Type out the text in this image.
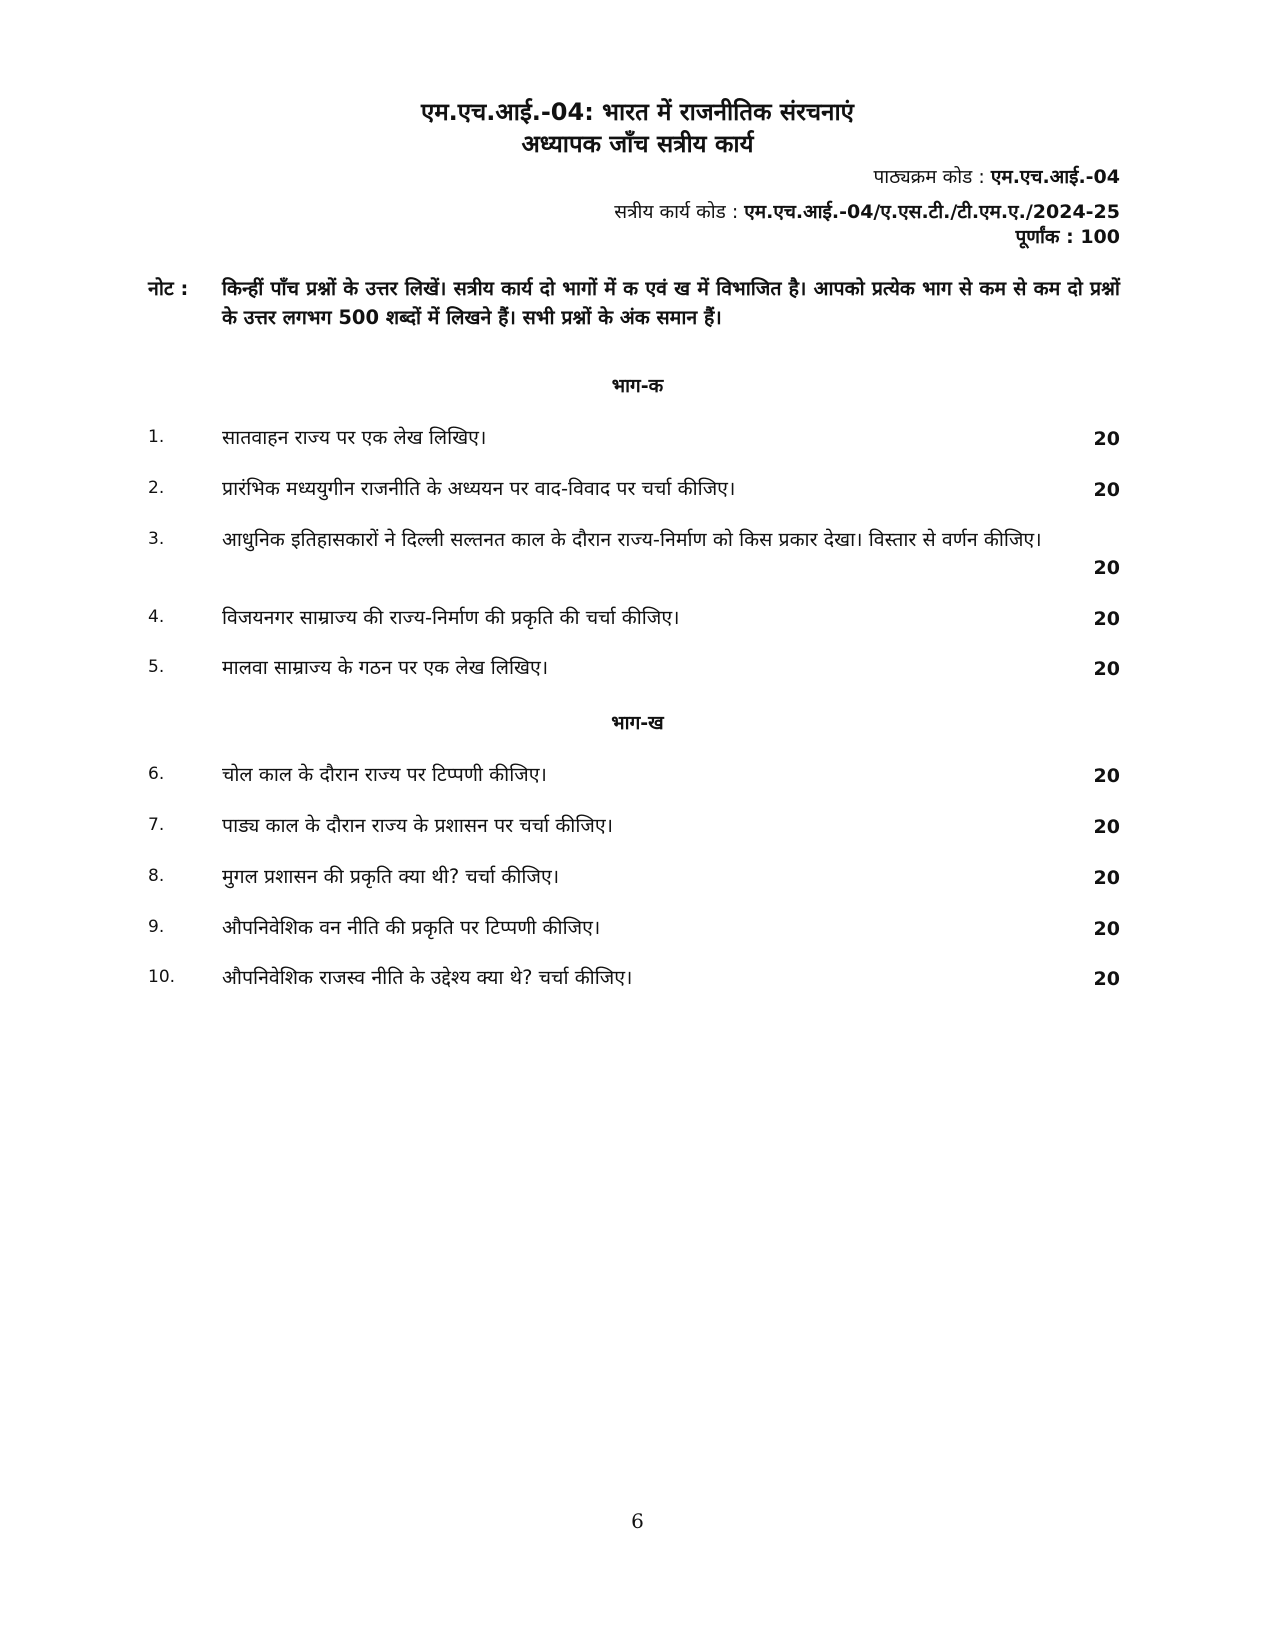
एम.एच.आई.-04: भारत में राजनीतिक संरचनाएं
अध्यापक जाँच सत्रीय कार्य
पाठ्यक्रम कोड : एम.एच.आई.-04
सत्रीय कार्य कोड : एम.एच.आई.-04/ए.एस.टी./टी.एम.ए./2024-25
पूर्णांक : 100
नोट : किन्हीं पाँच प्रश्नों के उत्तर लिखें। सत्रीय कार्य दो भागों में क एवं ख में विभाजित है। आपको प्रत्येक भाग से कम से कम दो प्रश्नों के उत्तर लगभग 500 शब्दों में लिखने हैं। सभी प्रश्नों के अंक समान हैं।
भाग-क
1.	सातवाहन राज्य पर एक लेख लिखिए।	20
2.	प्रारंभिक मध्ययुगीन राजनीति के अध्ययन पर वाद-विवाद पर चर्चा कीजिए।	20
3.	आधुनिक इतिहासकारों ने दिल्ली सल्तनत काल के दौरान राज्य-निर्माण को किस प्रकार देखा। विस्तार से वर्णन कीजिए।
20
4.	विजयनगर साम्राज्य की राज्य-निर्माण की प्रकृति की चर्चा कीजिए।	20
5.	मालवा साम्राज्य के गठन पर एक लेख लिखिए।	20
भाग-ख
6.	चोल काल के दौरान राज्य पर टिप्पणी कीजिए।	20
7.	पाड्य काल के दौरान राज्य के प्रशासन पर चर्चा कीजिए।	20
8.	मुगल प्रशासन की प्रकृति क्या थी? चर्चा कीजिए।	20
9.	औपनिवेशिक वन नीति की प्रकृति पर टिप्पणी कीजिए।	20
10. औपनिवेशिक राजस्व नीति के उद्देश्य क्या थे? चर्चा कीजिए।	20
6
